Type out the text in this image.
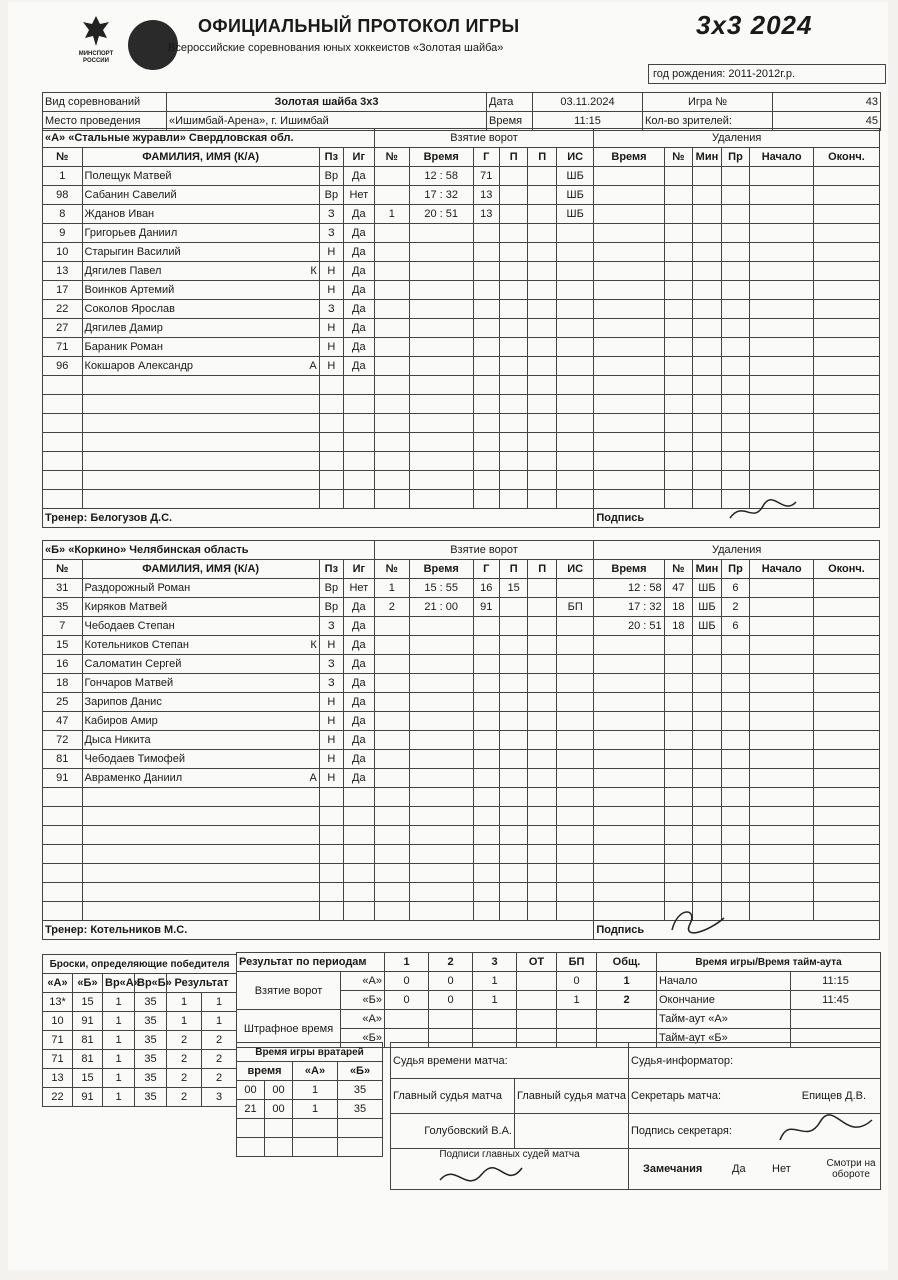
МИНСПОРТ РОССИИ
ОФИЦИАЛЬНЫЙ ПРОТОКОЛ ИГРЫ
Всероссийские соревнования юных хоккеистов «Золотая шайба»
3x3 2024
год рождения: 2011-2012г.р.
Вид соревнований	Золотая шайба 3x3	Дата	03.11.2024	Игра №	43
Место проведения	«Ишимбай-Арена», г. Ишимбай	Время	11:15	Кол-во зрителей:	45
«А» «Стальные журавли» Свердловская обл.				Взятие ворот						Удаления					
№	ФАМИЛИЯ, ИМЯ (К/А)	Пз	Иг	№	Время	Г	П	П	ИС	Время	№	Мин	Пр	Начало	Оконч.
1	Полещук Матвей	Вр	Да		12 : 58	71			ШБ						
98	Сабанин Савелий	Вр	Нет		17 : 32	13			ШБ						
8	Жданов Иван	З	Да	1	20 : 51	13			ШБ						
9	Григорьев Даниил	З	Да												
10	Старыгин Василий	Н	Да												
13	Дягилев Павел К	Н	Да												
17	Воинков Артемий	Н	Да												
22	Соколов Ярослав	З	Да												
27	Дягилев Дамир	Н	Да												
71	Бараник Роман	Н	Да												
96	Кокшаров Александр А	Н	Да												

Тренер: Белогузов Д.С.										Подпись					
«Б» «Коркино» Челябинская область				Взятие ворот						Удаления					
№	ФАМИЛИЯ, ИМЯ (К/А)	Пз	Иг	№	Время	Г	П	П	ИС	Время	№	Мин	Пр	Начало	Оконч.
31	Раздорожный Роман	Вр	Нет	1	15 : 55	16	15			12 : 58	47	ШБ	6		
35	Киряков Матвей	Вр	Да	2	21 : 00	91			БП	17 : 32	18	ШБ	2		
7	Чебодаев Степан	З	Да							20 : 51	18	ШБ	6		
15	Котельников Степан К	Н	Да												
16	Саломатин Сергей	З	Да												
18	Гончаров Матвей	З	Да												
25	Зарипов Данис	Н	Да												
47	Кабиров Амир	Н	Да												
72	Дыса Никита	Н	Да												
81	Чебодаев Тимофей	Н	Да												
91	Авраменко Даниил А	Н	Да												

Тренер: Котельников М.С.										Подпись					
Броски, определяющие победителя					
«А»	«Б»	Вр«А»	Вр«Б»	Результат	
13*	15	1	35	1	1
10	91	1	35	1	1
71	81	1	35	2	2
71	81	1	35	2	2
13	15	1	35	2	2
22	91	1	35	2	3
Результат по периодам		1	2	3	ОТ	БП	Общ.
Взятие ворот	«А»	0	0	1		0	1
	«Б»	0	0	1		1	2
Штрафное время	«А»						
	«Б»						
Время игры/Время тайм-аута	
Начало	11:15
Окончание	11:45
Тайм-аут «А»	
Тайм-аут «Б»	
Время игры вратарей			
время		«А»	«Б»
00	00	1	35
21	00	1	35

Судья времени матча:		Судья-информатор:
Главный судья матча	Главный судья матча	Секретарь матча: Епищев Д.В.

Голубовский В.А.		Подпись секретаря:
Подписи главных судей матча		Замечания Да Нет Смотри на обороте
